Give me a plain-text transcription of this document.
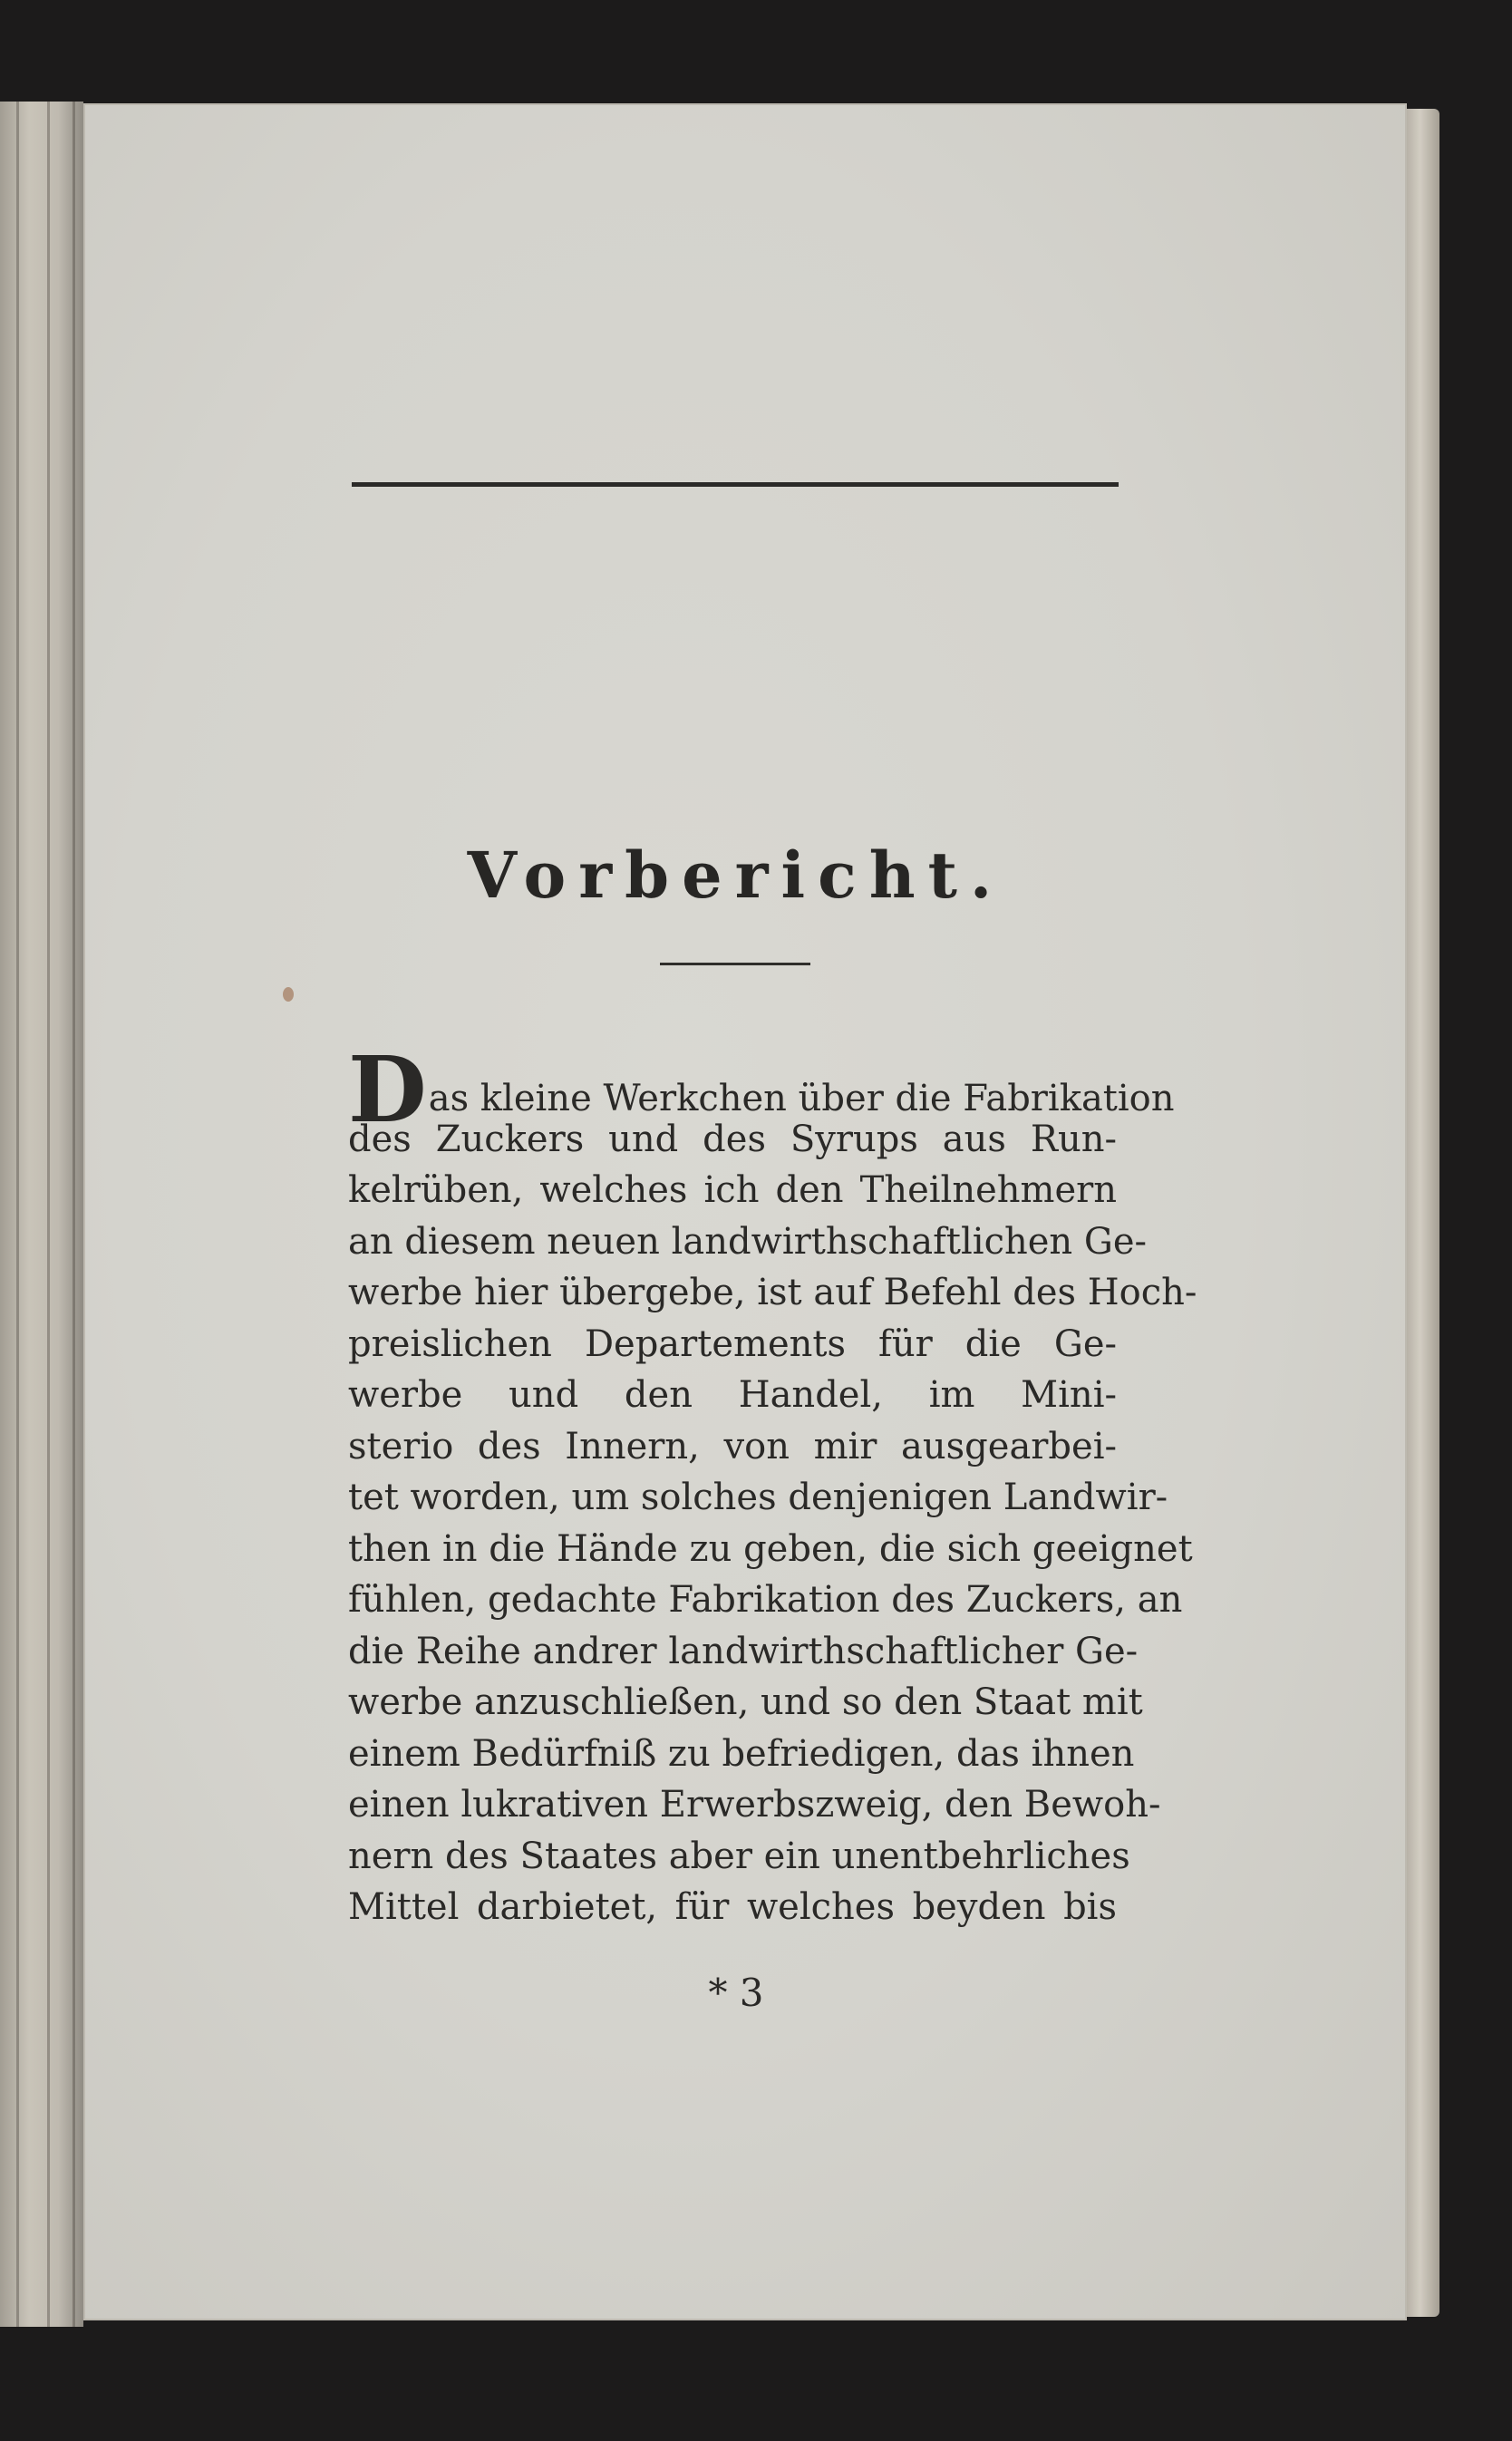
Vorbericht.
Das kleine Werkchen über die Fabrikation
des Zuckers und des Syrups aus Run-
kelrüben, welches ich den Theilnehmern
an diesem neuen landwirthschaftlichen Ge-
werbe hier übergebe, ist auf Befehl des Hoch-
preislichen Departements für die Ge-
werbe und den Handel, im Mini-
sterio des Innern, von mir ausgearbei-
tet worden, um solches denjenigen Landwir-
then in die Hände zu geben, die sich geeignet
fühlen, gedachte Fabrikation des Zuckers, an
die Reihe andrer landwirthschaftlicher Ge-
werbe anzuschließen, und so den Staat mit
einem Bedürfniß zu befriedigen, das ihnen
einen lukrativen Erwerbszweig, den Bewoh-
nern des Staates aber ein unentbehrliches
Mittel darbietet, für welches beyden bis
* 3
